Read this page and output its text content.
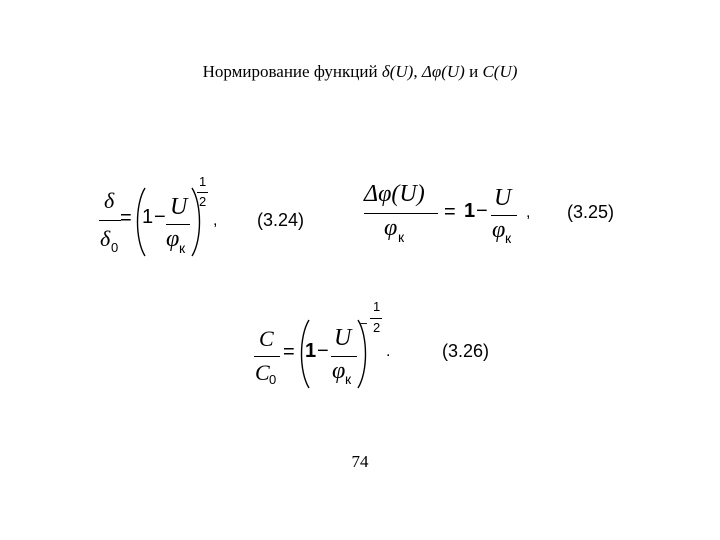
Нормирование функций δ(U), Δφ(U) и C(U)
δ
δ 0
= 1 − U
φ к
1
2
, (3.24)
Δφ(U)
φ к
= 1 − U
φ к
, (3.25)
C
C 0
= 1 − U
φ к
−
1
2
.	(3.26)
74
